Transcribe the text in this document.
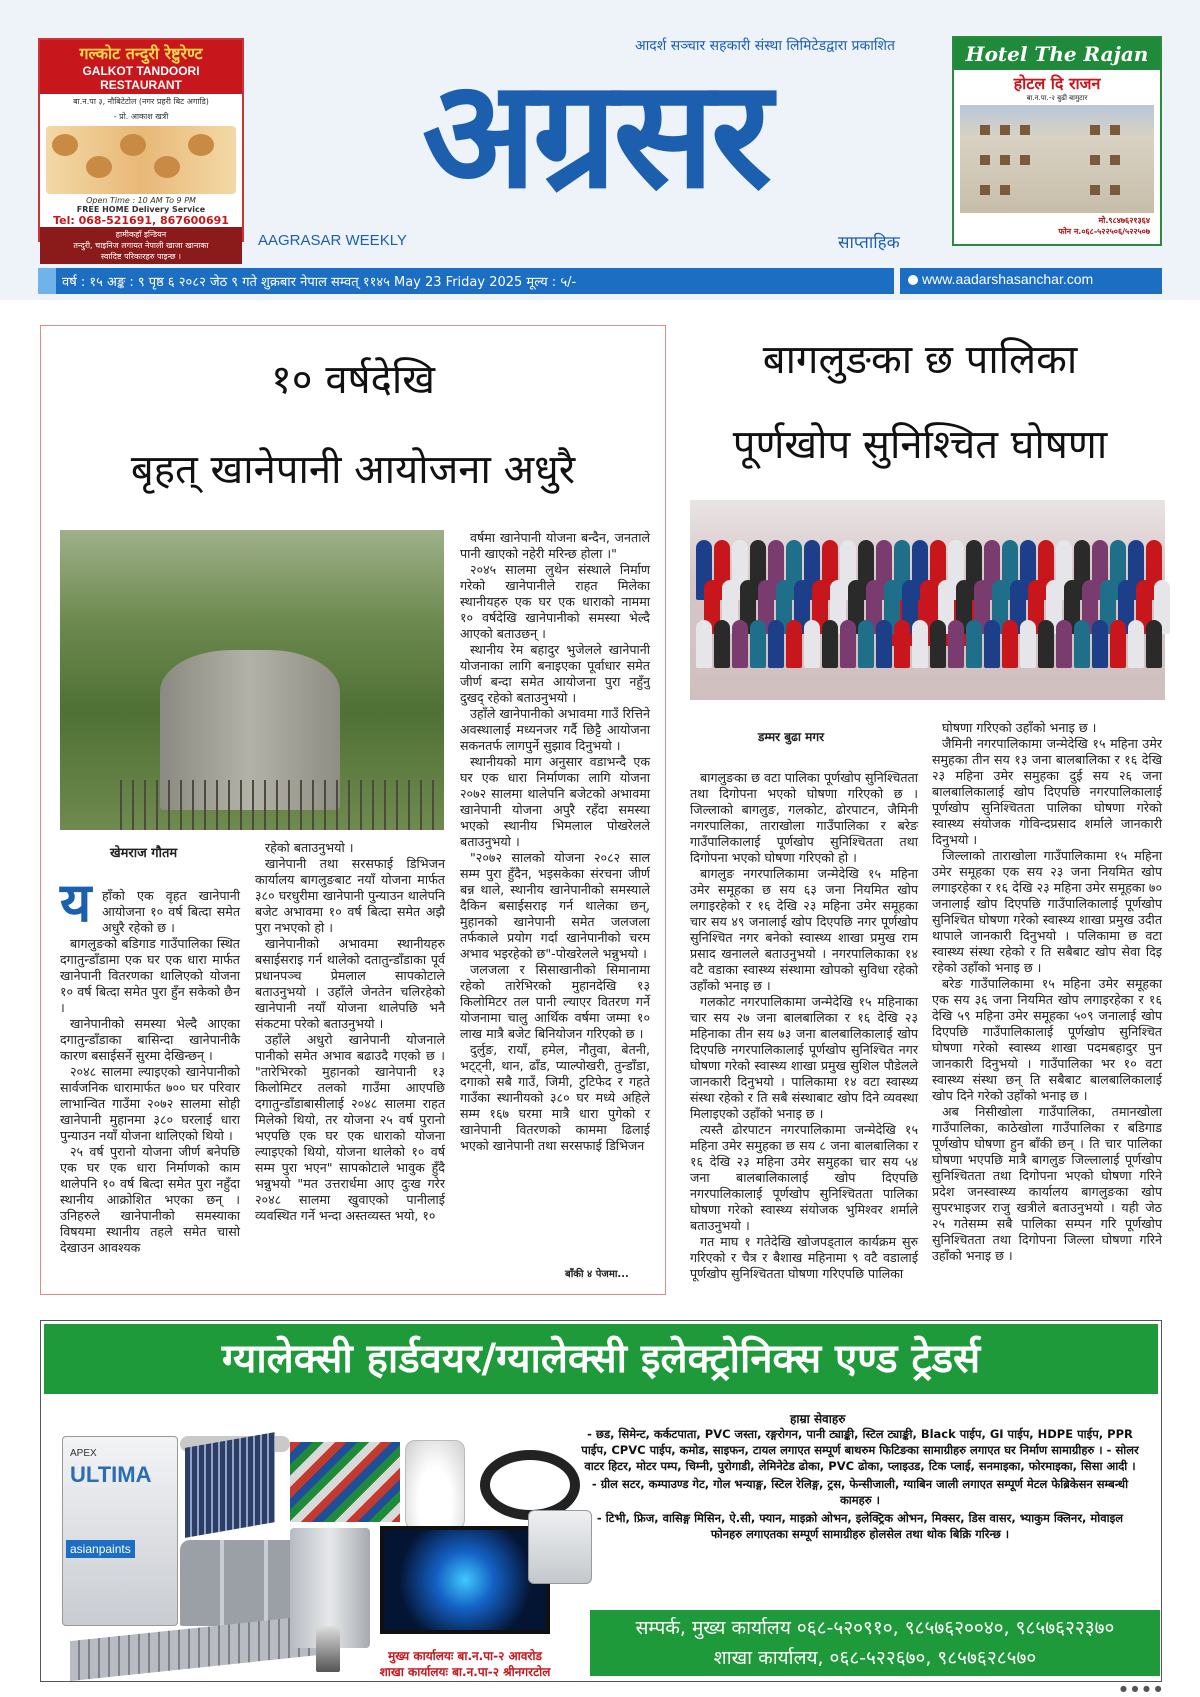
गल्कोट तन्दुरी रेष्टुरेण्ट
GALKOT TANDOORI RESTAURANT
बा.न.पा ३, नौबिटेटोल (नगर प्रहरी बिट अगाडि)
- प्रो. आकाश खत्री
Open Time : 10 AM To 9 PM
FREE HOME Delivery Service
Tel: 068-521691, 867600691
हामीकहाँ इन्डियन
तन्दुरी, चाइनिज लगायत नेपाली खाजा खानाका
स्वादिष्ट परिकारहरु पाइन्छ ।
आदर्श सञ्चार सहकारी संस्था लिमिटेडद्वारा प्रकाशित
अग्रसर
AAGRASAR WEEKLY	साप्ताहिक
Hotel The Rajan
होटल दि राजन
बा.न.पा.-२ बुढी बामुटार
मो.९८४७६२१३६४
फोन न.०६८-५२२५०६/५२२५०७
वर्ष : १५ अङ्क : ९ पृष्ठ ६ २०८२ जेठ ९ गते शुक्रबार नेपाल सम्वत् ११४५ May 23 Friday 2025 मूल्य : ५/-	www.aadarshasanchar.com
१० वर्षदेखि
बृहत् खानेपानी आयोजना अधुरै
खेमराज गौतम
य हाँको एक वृहत खानेपानी आयोजना १० वर्ष बित्दा समेत अधुरै रहेको छ ।

बागलुङको बडिगाड गाउँपालिका स्थित दगातुन्डाँडामा एक घर एक धारा मार्फत खानेपानी वितरणका थालिएको योजना १० वर्ष बित्दा समेत पुरा हुँन सकेको छैन ।

खानेपानीको समस्या भेल्दै आएका दगातुन्डाँडाका बासिन्दा खानेपानीकै कारण बसाईसर्ने सुरमा देखिन्छन् ।

२०४८ सालमा ल्याइएको खानेपानीको सार्वजनिक धारामार्फत ७०० घर परिवार लाभान्वित गाउँमा २०७२ सालमा सोही खानेपानी मुहानमा ३८० घरलाई धारा पुन्याउन नयाँ योजना थालिएको थियो ।

२५ वर्ष पुरानो योजना जीर्ण बनेपछि एक घर एक धारा निर्माणको काम थालेपनि १० वर्ष बित्दा समेत पुरा नहुँदा स्थानीय आक्रोशित भएका छन् । उनिहरुले खानेपानीको समस्याका विषयमा स्थानीय तहले समेत चासो देखाउन आवश्यक

रहेको बताउनुभयो ।

खानेपानी तथा सरसफाई डिभिजन कार्यालय बागलुङबाट नयाँ योजना मार्फत ३८० घरधुरीमा खानेपानी पुन्याउन थालेपनि बजेट अभावमा १० वर्ष बित्दा समेत अझै पुरा नभएको हो ।

खानेपानीको अभावमा स्थानीयहरु बसाईसराइ गर्न थालेको दतातुन्डाँडाका पूर्व प्रधानपञ्च प्रेमलाल सापकोटाले बताउनुभयो । उहाँले जेनतेन चलिरहेको खानेपानी नयाँ योजना थालेपछि भनै संकटमा परेको बताउनुभयो ।

उहाँले अधुरो खानेपानी योजनाले पानीको समेत अभाव बढाउदै गएको छ । "तारेभिरको मुहानको खानेपानी १३ किलोमिटर तलको गाउँमा आएपछि दगातुन्डाँडाबासीलाई २०४८ सालमा राहत मिलेको थियो, तर योजना २५ वर्ष पुरानो भएपछि एक घर एक धाराको योजना ल्याइएको थियो, योजना थालेको १० वर्ष सम्म पुरा भएन" सापकोटाले भावुक हुँदै भन्नुभयो "मत उत्तरार्धमा आए दुःख गरेर २०४८ सालमा खुवाएको पानीलाई व्यवस्थित गर्ने भन्दा अस्तव्यस्त भयो, १०

वर्षमा खानेपानी योजना बन्दैन, जनताले पानी खाएको नहेरी मरिन्छ होला ।"

२०४५ सालमा लुथेन संस्थाले निर्माण गरेको खानेपानीले राहत मिलेका स्थानीयहरु एक घर एक धाराको नाममा १० वर्षदेखि खानेपानीको समस्या भेल्दै आएको बताउछन् ।

स्थानीय रेम बहादुर भुजेलले खानेपानी योजनाका लागि बनाइएका पूर्वाधार समेत जीर्ण बन्दा समेत आयोजना पुरा नहुँनु दुखद् रहेको बताउनुभयो ।

उहाँले खानेपानीको अभावमा गाउँ रित्तिने अवस्थालाई मध्यनजर गर्दै छिट्टै आयोजना सकनतर्फ लागपुर्ने सुझाव दिनुभयो ।

स्थानीयको माग अनुसार वडाभन्दै एक घर एक धारा निर्माणका लागि योजना २०७२ सालमा थालेपनि बजेटको अभावमा खानेपानी योजना अपुरै रहँदा समस्या भएको स्थानीय भिमलाल पोखरेलले बताउनुभयो ।

"२०७२ सालको योजना २०८२ साल सम्म पुरा हुँदैन, भइसकेका संरचना जीर्ण बन्न थाले, स्थानीय खानेपानीको समस्याले दैकिन बसाईसराइ गर्न थालेका छन्, मुहानको खानेपानी समेत जलजला तर्फकाले प्रयोग गर्दा खानेपानीको चरम अभाव भइरहेको छ"-पोखरेलले भन्नुभयो ।

जलजला र सिसाखानीको सिमानामा रहेको तारेभिरको मुहानदेखि १३ किलोमिटर तल पानी ल्याएर वितरण गर्ने योजनामा चालु आर्थिक वर्षमा जम्मा १० लाख मात्रै बजेट बिनियोजन गरिएको छ ।

दुर्लुङ, रायाँ, हमेल, नौतुवा, बेतनी, भट्ट्नी, थान, ढाँड, प्याल्पोखरी, तुन्डाँडा, दगाको सबै गाउँ, जिमी, टुटिफेद र गहते गाउँका स्थानीयको ३८० घर मध्ये अहिले सम्म १६७ घरमा मात्रै धारा पुगेको र खानेपानी वितरणको काममा ढिलाई भएको खानेपानी तथा सरसफाई डिभिजन

बाँकी ४ पेजमा...
बागलुङका छ पालिका
पूर्णखोप सुनिश्चित घोषणा
डम्मर बुढा मगर

बागलुङका छ वटा पालिका पूर्णखोप सुनिश्चितता तथा दिगोपना भएको घोषणा गरिएको छ । जिल्लाको बागलुङ, गलकोट, ढोरपाटन, जैमिनी नगरपालिका, ताराखोला गाउँपालिका र बरेङ गाउँपालिकालाई पूर्णखोप सुनिश्चितता तथा दिगोपना भएको घोषणा गरिएको हो ।

बागलुङ नगरपालिकामा जन्मेदेखि १५ महिना उमेर समूहका छ सय ६३ जना नियमित खोप लगाइरहेको र १६ देखि २३ महिना उमेर समूहका चार सय ४९ जनालाई खोप दिएपछि नगर पूर्णखोप सुनिश्चित नगर बनेको स्वास्थ्य शाखा प्रमुख राम प्रसाद खनालले बताउनुभयो । नगरपालिकाका १४ वटै वडाका स्वास्थ्य संस्थामा खोपको सुविधा रहेको उहाँको भनाइ छ ।

गलकोट नगरपालिकामा जन्मेदेखि १५ महिनाका चार सय २७ जना बालबालिका र १६ देखि २३ महिनाका तीन सय ७३ जना बालबालिकालाई खोप दिएपछि नगरपालिकालाई पूर्णखोप सुनिश्चित नगर घोषणा गरेको स्वास्थ्य शाखा प्रमुख सुशिल पौडेलले जानकारी दिनुभयो । पालिकामा १४ वटा स्वास्थ्य संस्था रहेको र ति सबै संस्थाबाट खोप दिने व्यवस्था मिलाइएको उहाँको भनाइ छ ।

त्यस्तै ढोरपाटन नगरपालिकामा जन्मेदेखि १५ महिना उमेर समुहका छ सय ८ जना बालबालिका र १६ देखि २३ महिना उमेर समुहका चार सय ५४ जना बालबालिकालाई खोप दिएपछि नगरपालिकालाई पूर्णखोप सुनिश्चितता पालिका घोषणा गरेको स्वास्थ्य संयोजक भुमिश्वर शर्माले बताउनुभयो ।

गत माघ १ गतेदेखि खोजपड्ताल कार्यक्रम सुरु गरिएको र चैत्र र बैशाख महिनामा ९ वटै वडालाई पूर्णखोप सुनिश्चितता घोषणा गरिएपछि पालिका

घोषणा गरिएको उहाँको भनाइ छ ।

जैमिनी नगरपालिकामा जन्मेदेखि १५ महिना उमेर समुहका तीन सय १३ जना बालबालिका र १६ देखि २३ महिना उमेर समुहका दुई सय २६ जना बालबालिकालाई खोप दिएपछि नगरपालिकालाई पूर्णखोप सुनिश्चितता पालिका घोषणा गरेको स्वास्थ्य संयोजक गोविन्दप्रसाद शर्माले जानकारी दिनुभयो ।

जिल्लाको ताराखोला गाउँपालिकामा १५ महिना उमेर समूहका एक सय २३ जना नियमित खोप लगाइरहेका र १६ देखि २३ महिना उमेर समूहका ७० जनालाई खोप दिएपछि गाउँपालिकालाई पूर्णखोप सुनिश्चित घोषणा गरेको स्वास्थ्य शाखा प्रमुख उदीत थापाले जानकारी दिनुभयो । पलिकामा छ वटा स्वास्थ्य संस्था रहेको र ति सबैबाट खोप सेवा दिइ रहेको उहाँको भनाइ छ ।

बरेङ गाउँपालिकामा १५ महिना उमेर समूहका एक सय ३६ जना नियमित खोप लगाइरहेका र १६ देखि ५९ महिना उमेर समूहका ५०९ जनालाई खोप दिएपछि गाउँपालिकालाई पूर्णखोप सुनिश्चित घोषणा गरेको स्वास्थ्य शाखा पदमबहादुर पुन जानकारी दिनुभयो । गाउँपालिका भर १० वटा स्वास्थ्य संस्था छन् ति सबैबाट बालबालिकालाई खोप दिने गरेको उहाँको भनाइ छ ।

अब निसीखोला गाउँपालिका, तमानखोला गाउँपालिका, काठेखोला गाउँपालिका र बडिगाड पूर्णखोप घोषणा हुन बाँकी छन् । ति चार पालिका घोषणा भएपछि मात्रै बागलुङ जिल्लालाई पूर्णखोप सुनिश्चितता तथा दिगोपना भएको घोषणा गरिने प्रदेश जनस्वास्थ्य कार्यालय बागलुङका खोप सुपरभाइजर राजु खत्रीले बताउनुभयो । यही जेठ २५ गतेसम्म सबै पालिका सम्पन गरि पूर्णखोप सुनिश्चितता तथा दिगोपना जिल्ला घोषणा गरिने उहाँको भनाइ छ ।

ग्यालेक्सी हार्डवयर/ग्यालेक्सी इलेक्ट्रोनिक्स एण्ड ट्रेडर्स
APEX
ULTIMA
asianpaints
हाम्रा सेवाहरु
- छड, सिमेन्ट, कर्कटपाता, PVC जस्ता, रङ्गरोगन, पानी ट्याङ्की, स्टिल ट्याङ्की, Black पाईप, GI पाईप, HDPE पाईप, PPR पाईप, CPVC पाईप, कमोड, साइफन, टायल लगाएत सम्पूर्ण बाथरुम फिटिङका सामाग्रीहरु लगाएत घर निर्माण सामाग्रीहरु । - सोलर वाटर हिटर, मोटर पम्प, चिम्नी, पुरोगाडी, लेमिनेटेड ढोका, PVC ढोका, प्लाइउड, टिक प्लाई, सनमाइका, फोरमाइका, सिसा आदी ।
- ग्रील सटर, कम्पाउण्ड गेट, गोल भन्याङ्ग, स्टिल रेलिङ्ग, ट्रस, फेन्सीजाली, ग्याबिन जाली लगाएत सम्पूर्ण मेटल फेब्रिकेसन सम्बन्धी कामहरु ।
- टिभी, फ्रिज, वासिङ्ग मिसिन, ऐ.सी, फ्यान, माइक्रो ओभन, इलेक्ट्रिक ओभन, मिक्सर, डिस वासर, भ्याकुम क्लिनर, मोवाइल फोनहरु लगाएतका सम्पूर्ण सामाग्रीहरु होलसेल तथा थोक बिक्रि गरिन्छ ।
मुख्य कार्यालयः बा.न.पा-२ आवरोड
शाखा कार्यालयः बा.न.पा-२ श्रीनगरटोल
सम्पर्क, मुख्य कार्यालय ०६८-५२०९१०, ९८५७६२००४०, ९८५७६२२३७०
शाखा कार्यालय, ०६८-५२२६७०, ९८५७६२८५७०
● ● ● ●
